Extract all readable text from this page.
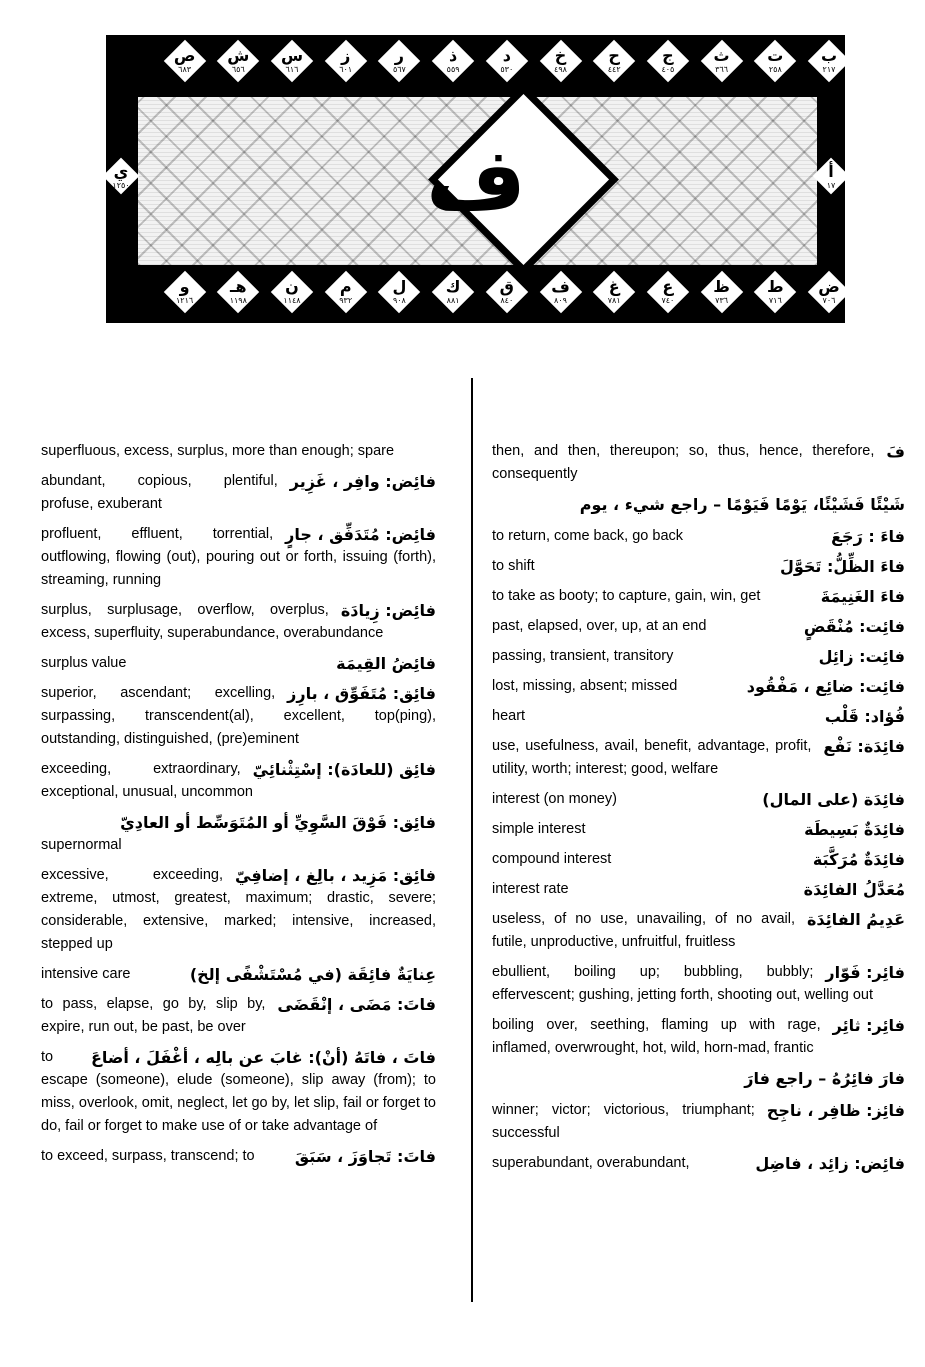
ف
ب
٢١٧
ت
٢٥٨
ث
٣٦٦
ج
٤٠٥
ح
٤٤٢
خ
٤٩٨
د
٥٣٠
ذ
٥٥٩
ر
٥٦٧
ز
٦٠١
س
٦١٦
ش
٦٥٦
ص
٦٨٣
ض
٧٠٦
ط
٧١٦
ظ
٧٣٦
ع
٧٤٠
غ
٧٨١
ف
٨٠٩
ق
٨٤٠
ك
٨٨١
ل
٩٠٨
م
٩٣٢
ن
١١٤٨
هـ
١١٩٨
و
١٢١٦
أ
١٧
ي
١٢٥٠
superfluous, excess, surplus, more than enough; spare
فائِض: وافِر ، غَزِير
abundant, copious, plentiful, profuse, exuberant
فائِض: مُتَدَفِّق ، جارٍ
profluent, effluent, torrential, outflowing, flowing (out), pouring out or forth, issuing (forth), streaming, running
فائِض: زِيادَة
surplus, surplusage, overflow, overplus, excess, superfluity, superabundance, overabundance
فائِضُ القِيمَة
surplus value
فائِق: مُتَفَوِّق ، بارِز
superior, ascendant; excelling, surpassing, transcendent(al), excellent, top(ping), outstanding, distinguished, (pre)eminent
فائِق (للعادَة): إسْتِثْنائِيّ
exceeding, extraordinary, exceptional, unusual, uncommon
فائِق: فَوْقَ السَّوِيِّ أو المُتَوَسِّط أو العادِيّ
supernormal
فائِق: مَزِيد ، بالِغ ، إضافِيّ
excessive, exceeding, extreme, utmost, greatest, maximum; drastic, severe; considerable, extensive, marked; intensive, increased, stepped up
عِنايَةٌ فائِقَة (في مُسْتَشْفًى إلخ)
intensive care
فاتَ: مَضَى ، إنْقَضَى
to pass, elapse, go by, slip by, expire, run out, be past, be over
فاتَ ، فاتَهُ (أنْ): غابَ عن بالِه ، أغْفَلَ ، أضاعَ
to escape (someone), elude (someone), slip away (from); to miss, overlook, omit, neglect, let go by, let slip, fail or forget to do, fail or forget to make use of or take advantage of
فاتَ: تَجاوَزَ ، سَبَقَ
to exceed, surpass, transcend; to
فَ
then, and then, thereupon; so, thus, hence, therefore, consequently
شَيْئًا فَشَيْئًا، يَوْمًا فَيَوْمًا – راجع شيء ، يوم
فاءَ : رَجَعَ
to return, come back, go back
فاءَ الظِّلُّ: تَحَوَّلَ
to shift
فاءَ الغَنِيمَةَ
to take as booty; to capture, gain, win, get
فائِت: مُنْقَضٍ
past, elapsed, over, up, at an end
فائِت: زائِل
passing, transient, transitory
فائِت: ضائِع ، مَفْقُود
lost, missing, absent; missed
فُؤاد: قَلْب
heart
فائِدَة: نَفْع
use, usefulness, avail, benefit, advantage, profit, utility, worth; interest; good, welfare
فائِدَة (على المال)
interest (on money)
فائِدَةٌ بَسِيطَة
simple interest
فائِدَةٌ مُرَكَّبَة
compound interest
مُعَدَّلُ الفائِدَة
interest rate
عَدِيمُ الفائِدَة
useless, of no use, unavailing, of no avail, futile, unproductive, unfruitful, fruitless
فائِر: فَوّار
ebullient, boiling up; bubbling, bubbly; effervescent; gushing, jetting forth, shooting out, welling out
فائِر: ثائِر
boiling over, seething, flaming up with rage, inflamed, overwrought, hot, wild, horn-mad, frantic
فارَ فائِرُهُ – راجع فارَ
فائِز: ظافِر ، ناجِح
winner; victor; victorious, triumphant; successful
فائِض: زائِد ، فاضِل
superabundant, overabundant,
